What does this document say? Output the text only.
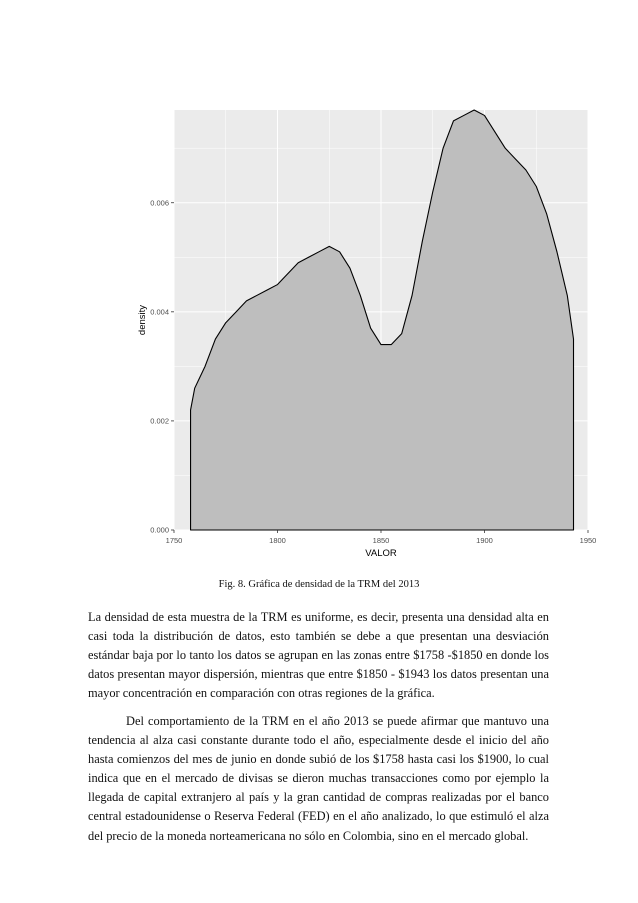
1750	1800	1850	1900	1950
0.000
0.002
0.004
0.006
VALOR
density
Fig. 8. Gráfica de densidad de la TRM del 2013

La densidad de esta muestra de la TRM es uniforme, es decir, presenta una densidad alta en casi toda la distribución de datos, esto también se debe a que presentan una desviación estándar baja por lo tanto los datos se agrupan en las zonas entre $1758 -$1850 en donde los datos presentan mayor dispersión, mientras que entre $1850 - $1943 los datos presentan una mayor concentración en comparación con otras regiones de la gráfica.

Del comportamiento de la TRM en el año 2013 se puede afirmar que mantuvo una tendencia al alza casi constante durante todo el año, especialmente desde el inicio del año hasta comienzos del mes de junio en donde subió de los $1758 hasta casi los $1900, lo cual indica que en el mercado de divisas se dieron muchas transacciones como por ejemplo la llegada de capital extranjero al país y la gran cantidad de compras realizadas por el banco central estadounidense o Reserva Federal (FED) en el año analizado, lo que estimuló el alza del precio de la moneda norteamericana no sólo en Colombia, sino en el mercado global.
